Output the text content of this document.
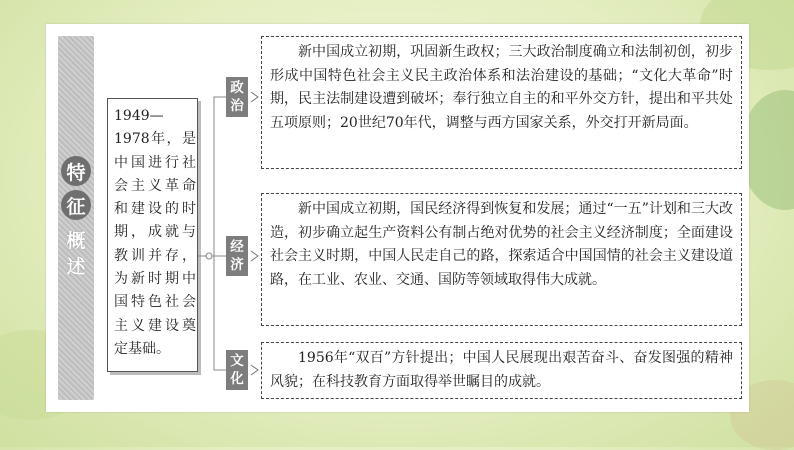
特
征
概
述
1949—1978年，是中国进行社会主义革命和建设的时期，成就与教训并存，为新时期中国特色社会主义建设奠定基础。
政治
经济
文化
新中国成立初期，巩固新生政权；三大政治制度确立和法制初创，初步形成中国特色社会主义民主政治体系和法治建设的基础；“文化大革命”时期，民主法制建设遭到破坏；奉行独立自主的和平外交方针，提出和平共处五项原则；20世纪70年代，调整与西方国家关系，外交打开新局面。
新中国成立初期，国民经济得到恢复和发展；通过“一五”计划和三大改造，初步确立起生产资料公有制占绝对优势的社会主义经济制度；全面建设社会主义时期，中国人民走自己的路，探索适合中国国情的社会主义建设道路，在工业、农业、交通、国防等领域取得伟大成就。
1956年“双百”方针提出；中国人民展现出艰苦奋斗、奋发图强的精神风貌；在科技教育方面取得举世瞩目的成就。
